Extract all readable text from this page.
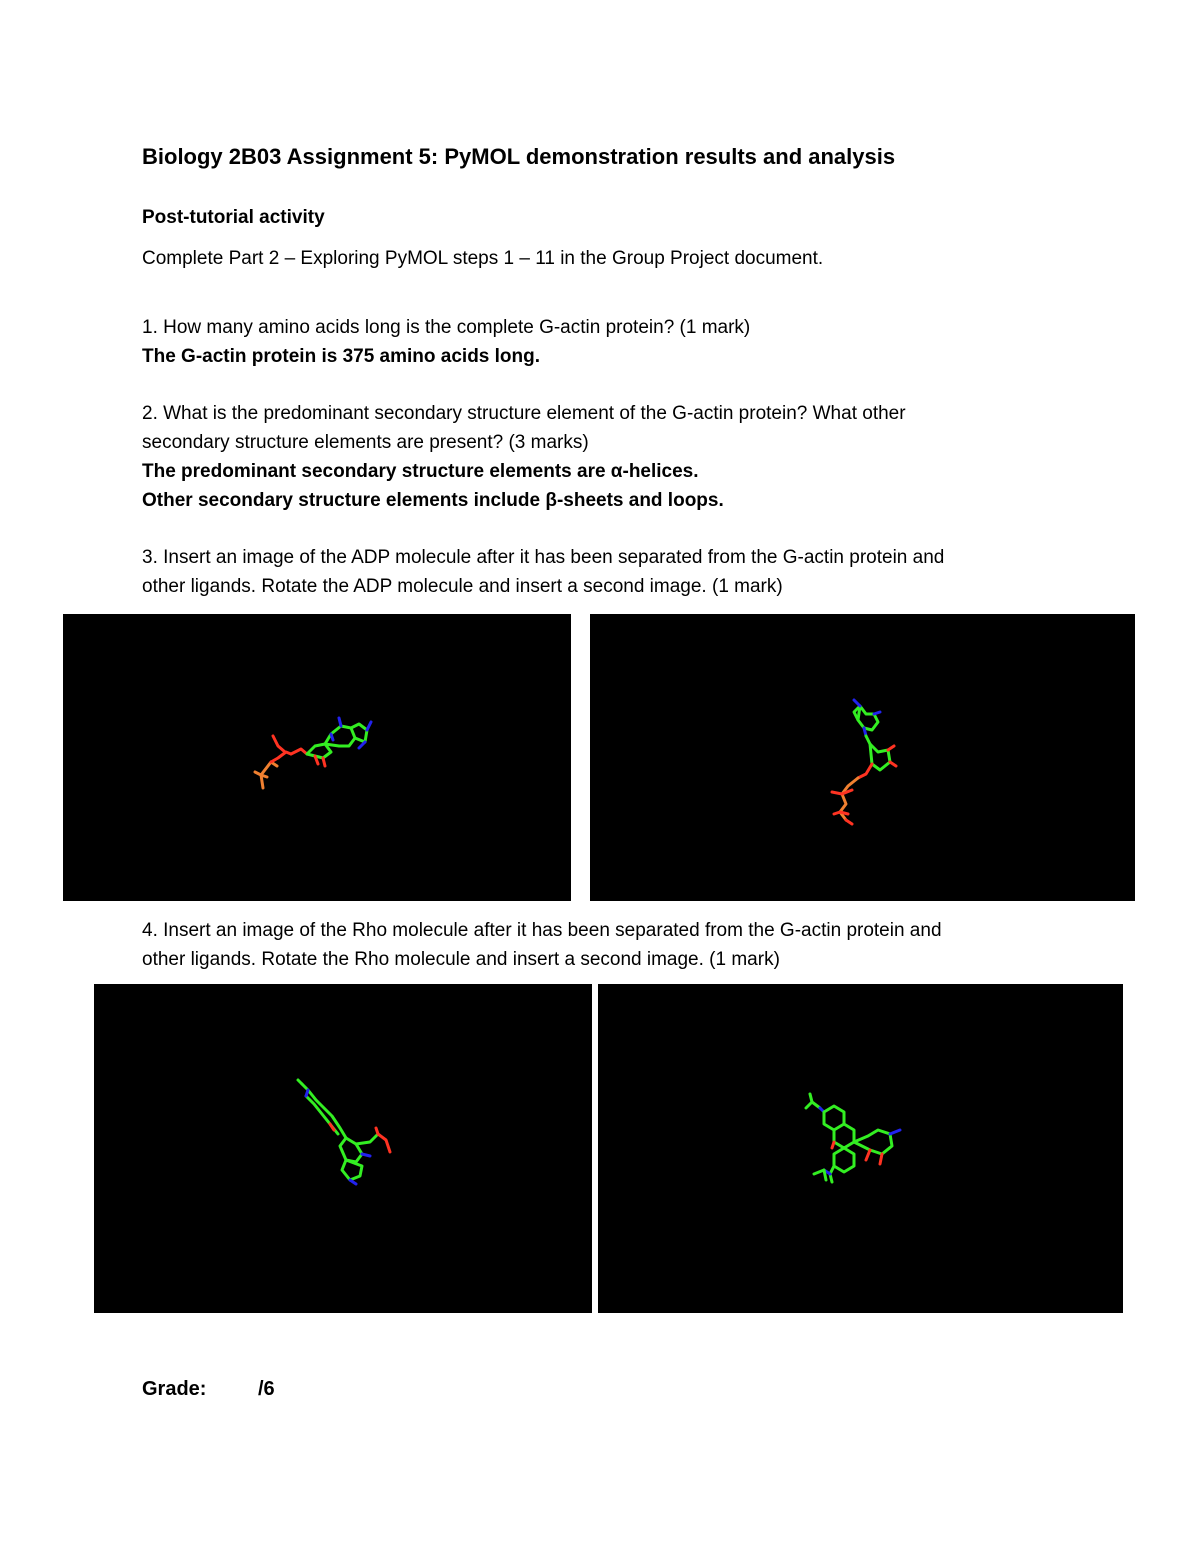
Biology 2B03 Assignment 5: PyMOL demonstration results and analysis
Post-tutorial activity
Complete Part 2 – Exploring PyMOL steps 1 – 11 in the Group Project document.
1. How many amino acids long is the complete G-actin protein? (1 mark)
The G-actin protein is 375 amino acids long.
2. What is the predominant secondary structure element of the G-actin protein? What other
secondary structure elements are present? (3 marks)
The predominant secondary structure elements are α-helices.
Other secondary structure elements include β-sheets and loops.
3. Insert an image of the ADP molecule after it has been separated from the G-actin protein and
other ligands. Rotate the ADP molecule and insert a second image. (1 mark)
4. Insert an image of the Rho molecule after it has been separated from the G-actin protein and
other ligands. Rotate the Rho molecule and insert a second image. (1 mark)
Grade:	/6
